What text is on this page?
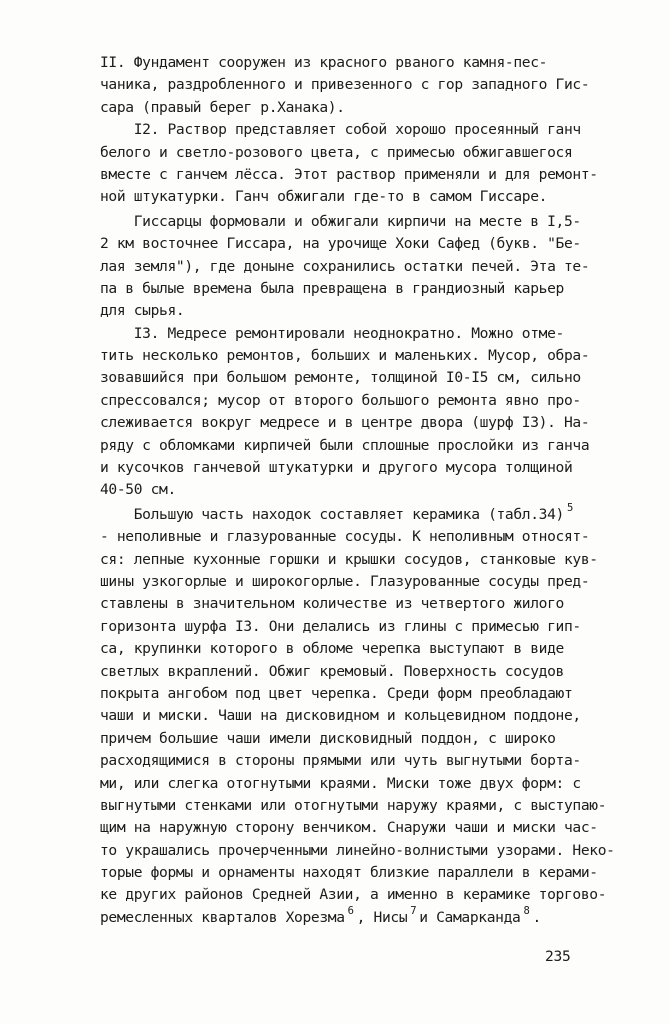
II. Фундамент сооружен из красного рваного камня-пес-
чаника, раздробленного и привезенного с гор западного Гис-
сара (правый берег р.Ханака).
I2. Раствор представляет собой хорошо просеянный ганч
белого и светло-розового цвета, с примесью обжигавшегося
вместе с ганчем лёсса. Этот раствор применяли и для ремонт-
ной штукатурки. Ганч обжигали где-то в самом Гиссаре.
Гиссарцы формовали и обжигали кирпичи на месте в I,5-
2 км восточнее Гиссара, на урочище Хоки Сафед (букв. "Бе-
лая земля"), где доныне сохранились остатки печей. Эта те-
па в былые времена была превращена в грандиозный карьер
для сырья.
I3. Медресе ремонтировали неоднократно. Можно отме-
тить несколько ремонтов, больших и маленьких. Мусор, обра-
зовавшийся при большом ремонте, толщиной I0-I5 см, сильно
спрессовался; мусор от второго большого ремонта явно про-
слеживается вокруг медресе и в центре двора (шурф I3). На-
ряду с обломками кирпичей были сплошные прослойки из ганча
и кусочков ганчевой штукатурки и другого мусора толщиной
40-50 см.
Большую часть находок составляет керамика (табл.34) $^5$
- неполивные и глазурованные сосуды. К неполивным относят-
ся: лепные кухонные горшки и крышки сосудов, станковые кув-
шины узкогорлые и широкогорлые. Глазурованные сосуды пред-
ставлены в значительном количестве из четвертого жилого
горизонта шурфа I3. Они делались из глины с примесью гип-
са, крупинки которого в обломе черепка выступают в виде
светлых вкраплений. Обжиг кремовый. Поверхность сосудов
покрыта ангобом под цвет черепка. Среди форм преобладают
чаши и миски. Чаши на дисковидном и кольцевидном поддоне,
причем большие чаши имели дисковидный поддон, с широко
расходящимися в стороны прямыми или чуть выгнутыми борта-
ми, или слегка отогнутыми краями. Миски тоже двух форм: с
выгнутыми стенками или отогнутыми наружу краями, с выступаю-
щим на наружную сторону венчиком. Снаружи чаши и миски час-
то украшались прочерченными линейно-волнистыми узорами. Неко-
торые формы и орнаменты находят близкие параллели в керами-
ке других районов Средней Азии, а именно в керамике торгово-
ремесленных кварталов Хорезма $^6$ , Нисы $^7$ и Самарканда $^8$ .
235
